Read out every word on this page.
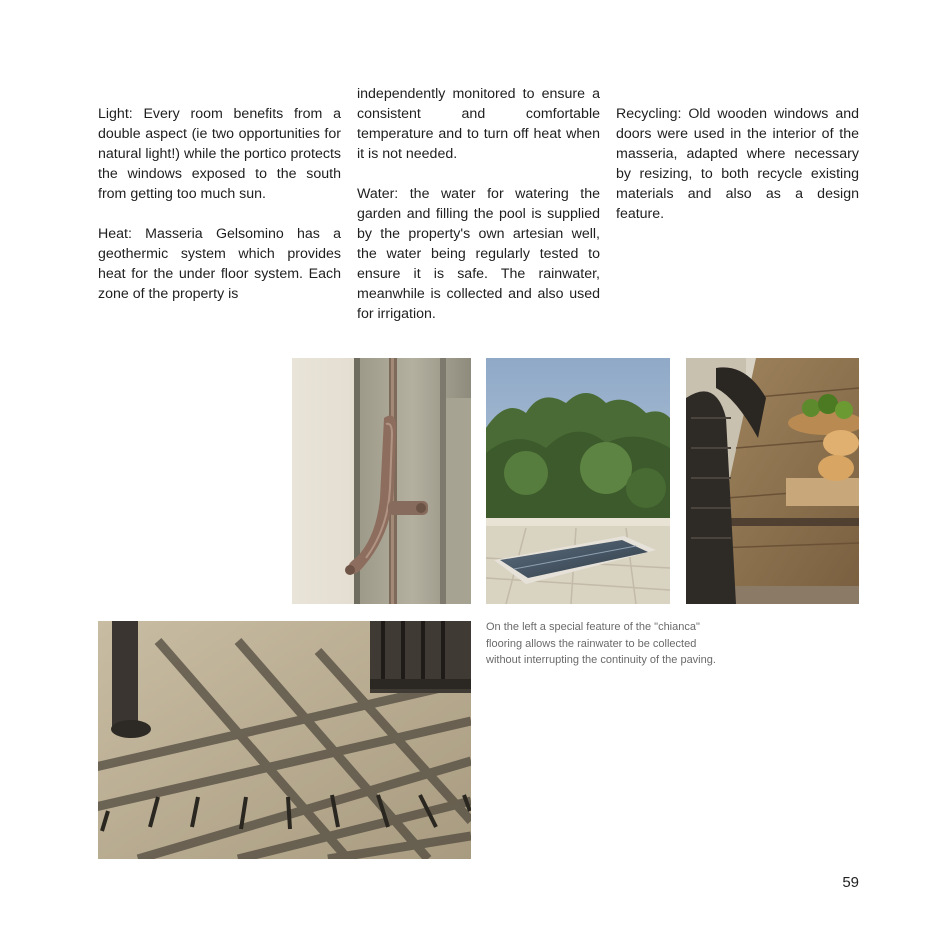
Light: Every room benefits from a double aspect (ie two opportunities for natural light!) while the portico protects the windows exposed to the south from getting too much sun.

Heat: Masseria Gelsomino has a geothermic system which provides heat for the under floor system. Each zone of the property is

independently monitored to ensure a consistent and comfortable temperature and to turn off heat when it is not needed.

Water: the water for watering the garden and filling the pool is supplied by the property's own artesian well, the water being regularly tested to ensure it is safe. The rainwater, meanwhile is collected and also used for irrigation.

Recycling: Old wooden windows and doors were used in the interior of the masseria, adapted where necessary by resizing, to both recycle existing materials and also as a design feature.

On the left a special feature of the "chianca" flooring allows the rainwater to be collected without interrupting the continuity of the paving.
59
